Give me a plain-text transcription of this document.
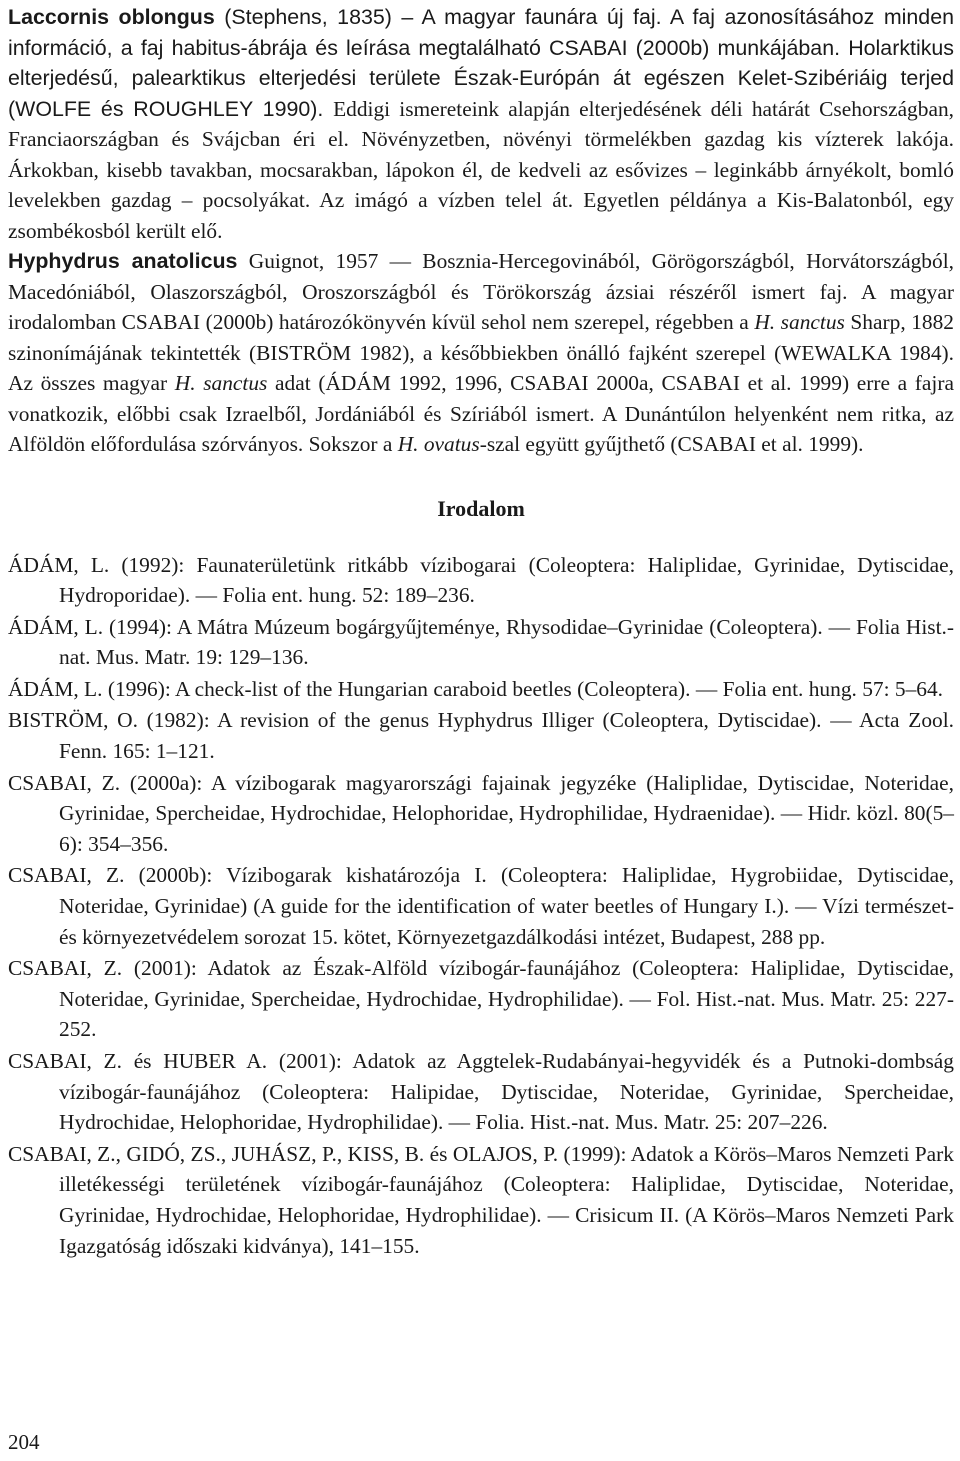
Laccornis oblongus (Stephens, 1835) – A magyar faunára új faj. A faj azonosításához minden információ, a faj habitus-ábrája és leírása megtalálható CSABAI (2000b) munkájában. Holarktikus elterjedésű, palearktikus elterjedési területe Észak-Európán át egészen Kelet-Szibériáig terjed (WOLFE és ROUGHLEY 1990). Eddigi ismereteink alapján elterjedésének déli határát Csehországban, Franciaországban és Svájcban éri el. Növényzetben, növényi törmelékben gazdag kis vízterek lakója. Árkokban, kisebb tavakban, mocsarakban, lápokon él, de kedveli az esővizes – leginkább árnyékolt, bomló levelekben gazdag – pocsolyákat. Az imágó a vízben telel át. Egyetlen példánya a Kis-Balatonból, egy zsombékosból került elő.

Hyphydrus anatolicus Guignot, 1957 — Bosznia-Hercegovinából, Görögországból, Horvátországból, Macedóniából, Olaszországból, Oroszországból és Törökország ázsiai részéről ismert faj. A magyar irodalomban CSABAI (2000b) határozókönyvén kívül sehol nem szerepel, régebben a H. sanctus Sharp, 1882 szinonímájának tekintették (BISTRÖM 1982), a későbbiekben önálló fajként szerepel (WEWALKA 1984). Az összes magyar H. sanctus adat (ÁDÁM 1992, 1996, CSABAI 2000a, CSABAI et al. 1999) erre a fajra vonatkozik, előbbi csak Izraelből, Jordániából és Szíriából ismert. A Dunántúlon helyenként nem ritka, az Alföldön előfordulása szórványos. Sokszor a H. ovatus-szal együtt gyűjthető (CSABAI et al. 1999).

Irodalom

ÁDÁM, L. (1992): Faunaterületünk ritkább vízibogarai (Coleoptera: Haliplidae, Gyrinidae, Dytiscidae, Hydroporidae). — Folia ent. hung. 52: 189–236.

ÁDÁM, L. (1994): A Mátra Múzeum bogárgyűjteménye, Rhysodidae–Gyrinidae (Coleoptera). — Folia Hist.-nat. Mus. Matr. 19: 129–136.

ÁDÁM, L. (1996): A check-list of the Hungarian caraboid beetles (Coleoptera). — Folia ent. hung. 57: 5–64.

BISTRÖM, O. (1982): A revision of the genus Hyphydrus Illiger (Coleoptera, Dytiscidae). — Acta Zool. Fenn. 165: 1–121.

CSABAI, Z. (2000a): A vízibogarak magyarországi fajainak jegyzéke (Haliplidae, Dytiscidae, Noteridae, Gyrinidae, Spercheidae, Hydrochidae, Helophoridae, Hydrophilidae, Hydraenidae). — Hidr. közl. 80(5–6): 354–356.

CSABAI, Z. (2000b): Vízibogarak kishatározója I. (Coleoptera: Haliplidae, Hygrobiidae, Dytiscidae, Noteridae, Gyrinidae) (A guide for the identification of water beetles of Hungary I.). — Vízi természet- és környezetvédelem sorozat 15. kötet, Környezetgazdálkodási intézet, Budapest, 288 pp.

CSABAI, Z. (2001): Adatok az Észak-Alföld vízibogár-faunájához (Coleoptera: Haliplidae, Dytiscidae, Noteridae, Gyrinidae, Spercheidae, Hydrochidae, Hydrophilidae). — Fol. Hist.-nat. Mus. Matr. 25: 227-252.

CSABAI, Z. és HUBER A. (2001): Adatok az Aggtelek-Rudabányai-hegyvidék és a Putnoki-dombság vízibogár-faunájához (Coleoptera: Halipidae, Dytiscidae, Noteridae, Gyrinidae, Spercheidae, Hydrochidae, Helophoridae, Hydrophilidae). — Folia. Hist.-nat. Mus. Matr. 25: 207–226.

CSABAI, Z., GIDÓ, ZS., JUHÁSZ, P., KISS, B. és OLAJOS, P. (1999): Adatok a Körös–Maros Nemzeti Park illetékességi területének vízibogár-faunájához (Coleoptera: Haliplidae, Dytiscidae, Noteridae, Gyrinidae, Hydrochidae, Helophoridae, Hydrophilidae). — Crisicum II. (A Körös–Maros Nemzeti Park Igazgatóság időszaki kidványa), 141–155.

204
